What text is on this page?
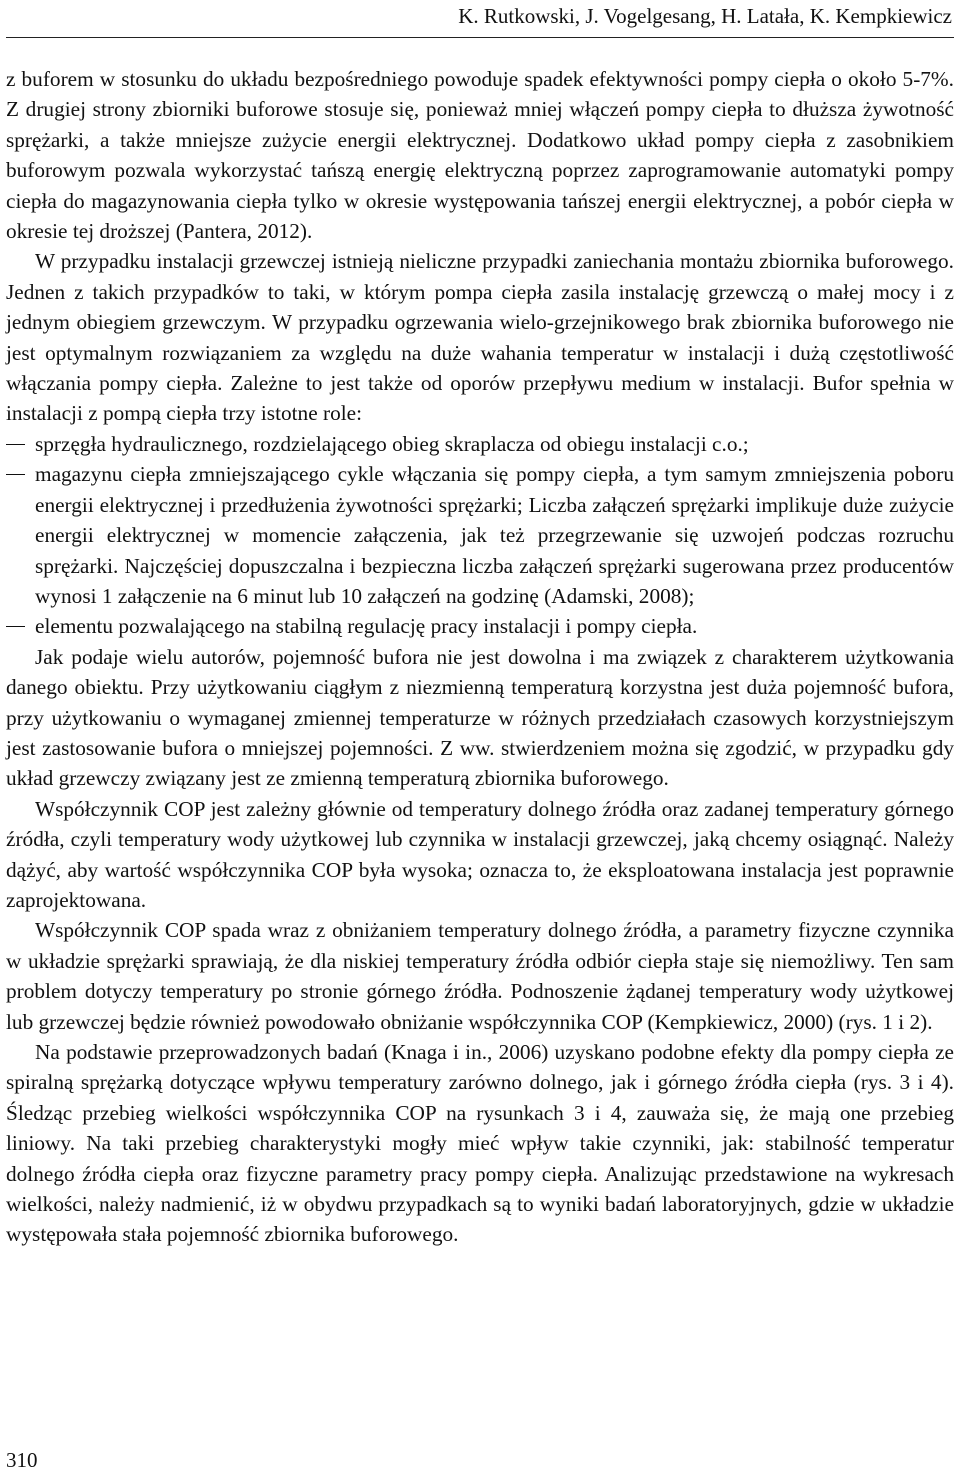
K. Rutkowski, J. Vogelgesang, H. Latała, K. Kempkiewicz

z buforem w stosunku do układu bezpośredniego powoduje spadek efektywności pompy ciepła o około 5-7%. Z drugiej strony zbiorniki buforowe stosuje się, ponieważ mniej włączeń pompy ciepła to dłuższa żywotność sprężarki, a także mniejsze zużycie energii elektrycznej. Dodatkowo układ pompy ciepła z zasobnikiem buforowym pozwala wykorzystać tańszą energię elektryczną poprzez zaprogramowanie automatyki pompy ciepła do magazynowania ciepła tylko w okresie występowania tańszej energii elektrycznej, a pobór ciepła w okresie tej droższej (Pantera, 2012).

W przypadku instalacji grzewczej istnieją nieliczne przypadki zaniechania montażu zbiornika buforowego. Jednen z takich przypadków to taki, w którym pompa ciepła zasila instalację grzewczą o małej mocy i z jednym obiegiem grzewczym. W przypadku ogrzewania wielo-grzejnikowego brak zbiornika buforowego nie jest optymalnym rozwiązaniem za względu na duże wahania temperatur w instalacji i dużą częstotliwość włączania pompy ciepła. Zależne to jest także od oporów przepływu medium w instalacji. Bufor spełnia w instalacji z pompą ciepła trzy istotne role:

sprzęgła hydraulicznego, rozdzielającego obieg skraplacza od obiegu instalacji c.o.;
magazynu ciepła zmniejszającego cykle włączania się pompy ciepła, a tym samym zmniejszenia poboru energii elektrycznej i przedłużenia żywotności sprężarki; Liczba załączeń sprężarki implikuje duże zużycie energii elektrycznej w momencie załączenia, jak też przegrzewanie się uzwojeń podczas rozruchu sprężarki. Najczęściej dopuszczalna i bezpieczna liczba załączeń sprężarki sugerowana przez producentów wynosi 1 załączenie na 6 minut lub 10 załączeń na godzinę (Adamski, 2008);
elementu pozwalającego na stabilną regulację pracy instalacji i pompy ciepła.

Jak podaje wielu autorów, pojemność bufora nie jest dowolna i ma związek z charakterem użytkowania danego obiektu. Przy użytkowaniu ciągłym z niezmienną temperaturą korzystna jest duża pojemność bufora, przy użytkowaniu o wymaganej zmiennej temperaturze w różnych przedziałach czasowych korzystniejszym jest zastosowanie bufora o mniejszej pojemności. Z ww. stwierdzeniem można się zgodzić, w przypadku gdy układ grzewczy związany jest ze zmienną temperaturą zbiornika buforowego.

Współczynnik COP jest zależny głównie od temperatury dolnego źródła oraz zadanej temperatury górnego źródła, czyli temperatury wody użytkowej lub czynnika w instalacji grzewczej, jaką chcemy osiągnąć. Należy dążyć, aby wartość współczynnika COP była wysoka; oznacza to, że eksploatowana instalacja jest poprawnie zaprojektowana.

Współczynnik COP spada wraz z obniżaniem temperatury dolnego źródła, a parametry fizyczne czynnika w układzie sprężarki sprawiają, że dla niskiej temperatury źródła odbiór ciepła staje się niemożliwy. Ten sam problem dotyczy temperatury po stronie górnego źródła. Podnoszenie żądanej temperatury wody użytkowej lub grzewczej będzie również powodowało obniżanie współczynnika COP (Kempkiewicz, 2000) (rys. 1 i 2).

Na podstawie przeprowadzonych badań (Knaga i in., 2006) uzyskano podobne efekty dla pompy ciepła ze spiralną sprężarką dotyczące wpływu temperatury zarówno dolnego, jak i górnego źródła ciepła (rys. 3 i 4). Śledząc przebieg wielkości współczynnika COP na rysunkach 3 i 4, zauważa się, że mają one przebieg liniowy. Na taki przebieg charakterystyki mogły mieć wpływ takie czynniki, jak: stabilność temperatur dolnego źródła ciepła oraz fizyczne parametry pracy pompy ciepła. Analizując przedstawione na wykresach wielkości, należy nadmienić, iż w obydwu przypadkach są to wyniki badań laboratoryjnych, gdzie w układzie występowała stała pojemność zbiornika buforowego.

310
